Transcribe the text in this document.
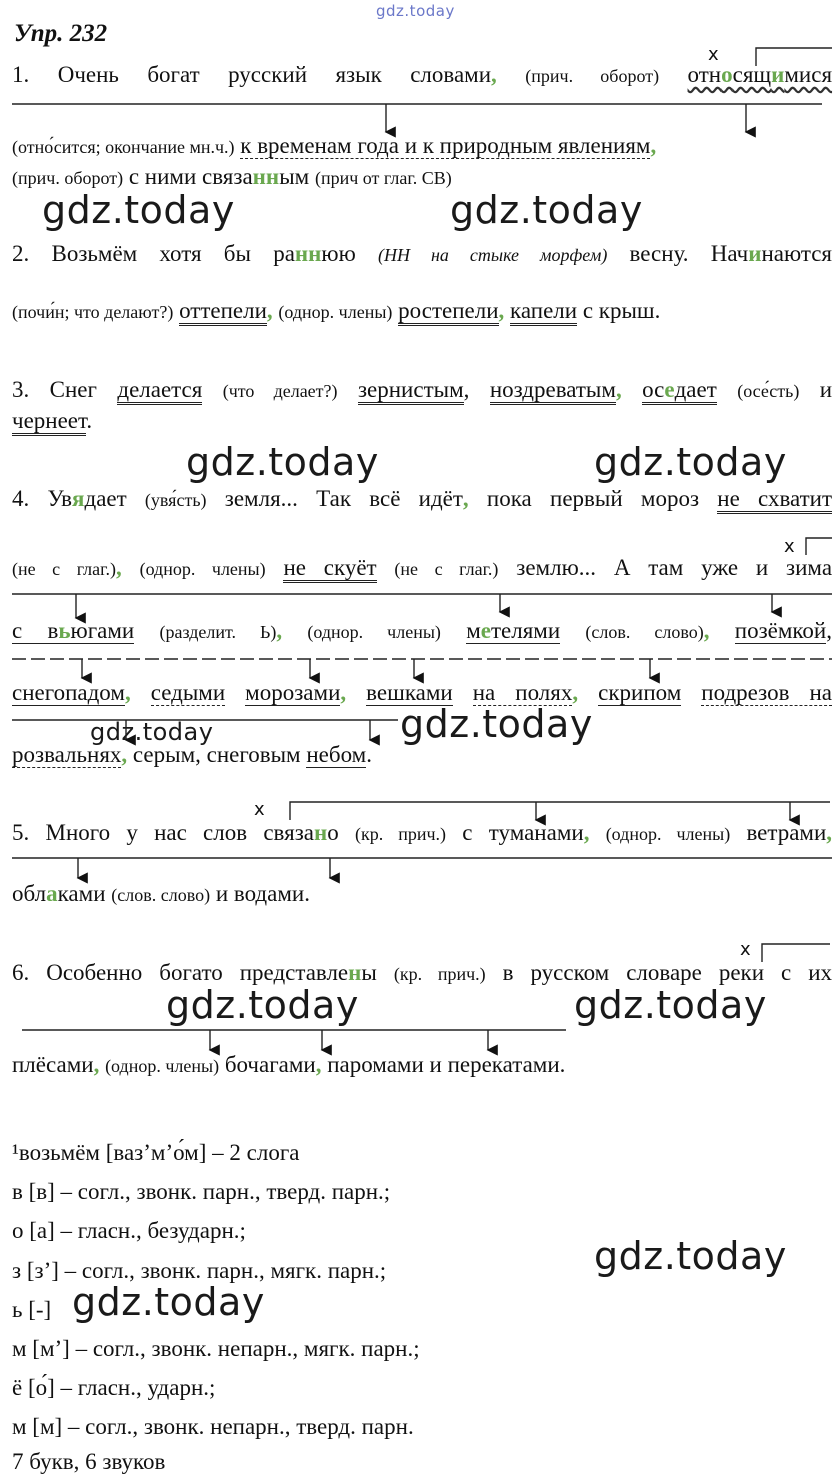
gdz.today
gdz.today	gdz.today
gdz.today	gdz.today
gdz.today	gdz.today
gdz.today	gdz.today
gdz.today
gdz.today
Упр. 232
x
x
x
x
1. Очень богат русский язык словами, (прич. оборот) относящимися
(отно́сится; окончание мн.ч.) к временам года и к природным явлениям,
(прич. оборот) с ними связанным (прич от глаг. СВ)
2. Возьмём хотя бы раннюю (НН на стыке морфем) весну. Начинаются
(почи́н; что делают?) оттепели, (однор. члены) ростепели, капели с крыш.
3. Снег делается (что делает?) зернистым, ноздреватым, оседает (осе́сть) и
чернеет.
4. Увядает (увя́сть) земля... Так всё идёт, пока первый мороз не схватит
(не с глаг.), (однор. члены) не скуёт (не с глаг.) землю... А там уже и зима
с вьюгами (разделит. Ь), (однор. члены) метелями (слов. слово), позёмкой,
снегопадом, седыми морозами, вешками на полях, скрипом подрезов на
розвальнях, серым, снеговым небом.
5. Много у нас слов связано (кр. прич.) с туманами, (однор. члены) ветрами,
облаками (слов. слово) и водами.
6. Особенно богато представлены (кр. прич.) в русском словаре реки с их
плёсами, (однор. члены) бочагами, паромами и перекатами.
¹возьмём [ваз’м’о́м] – 2 слога
в [в] – согл., звонк. парн., тверд. парн.;
о [а] – гласн., безударн.;
з [з’] – согл., звонк. парн., мягк. парн.;
ь [-]
м [м’] – согл., звонк. непарн., мягк. парн.;
ё [о́] – гласн., ударн.;
м [м] – согл., звонк. непарн., тверд. парн.
7 букв, 6 звуков
